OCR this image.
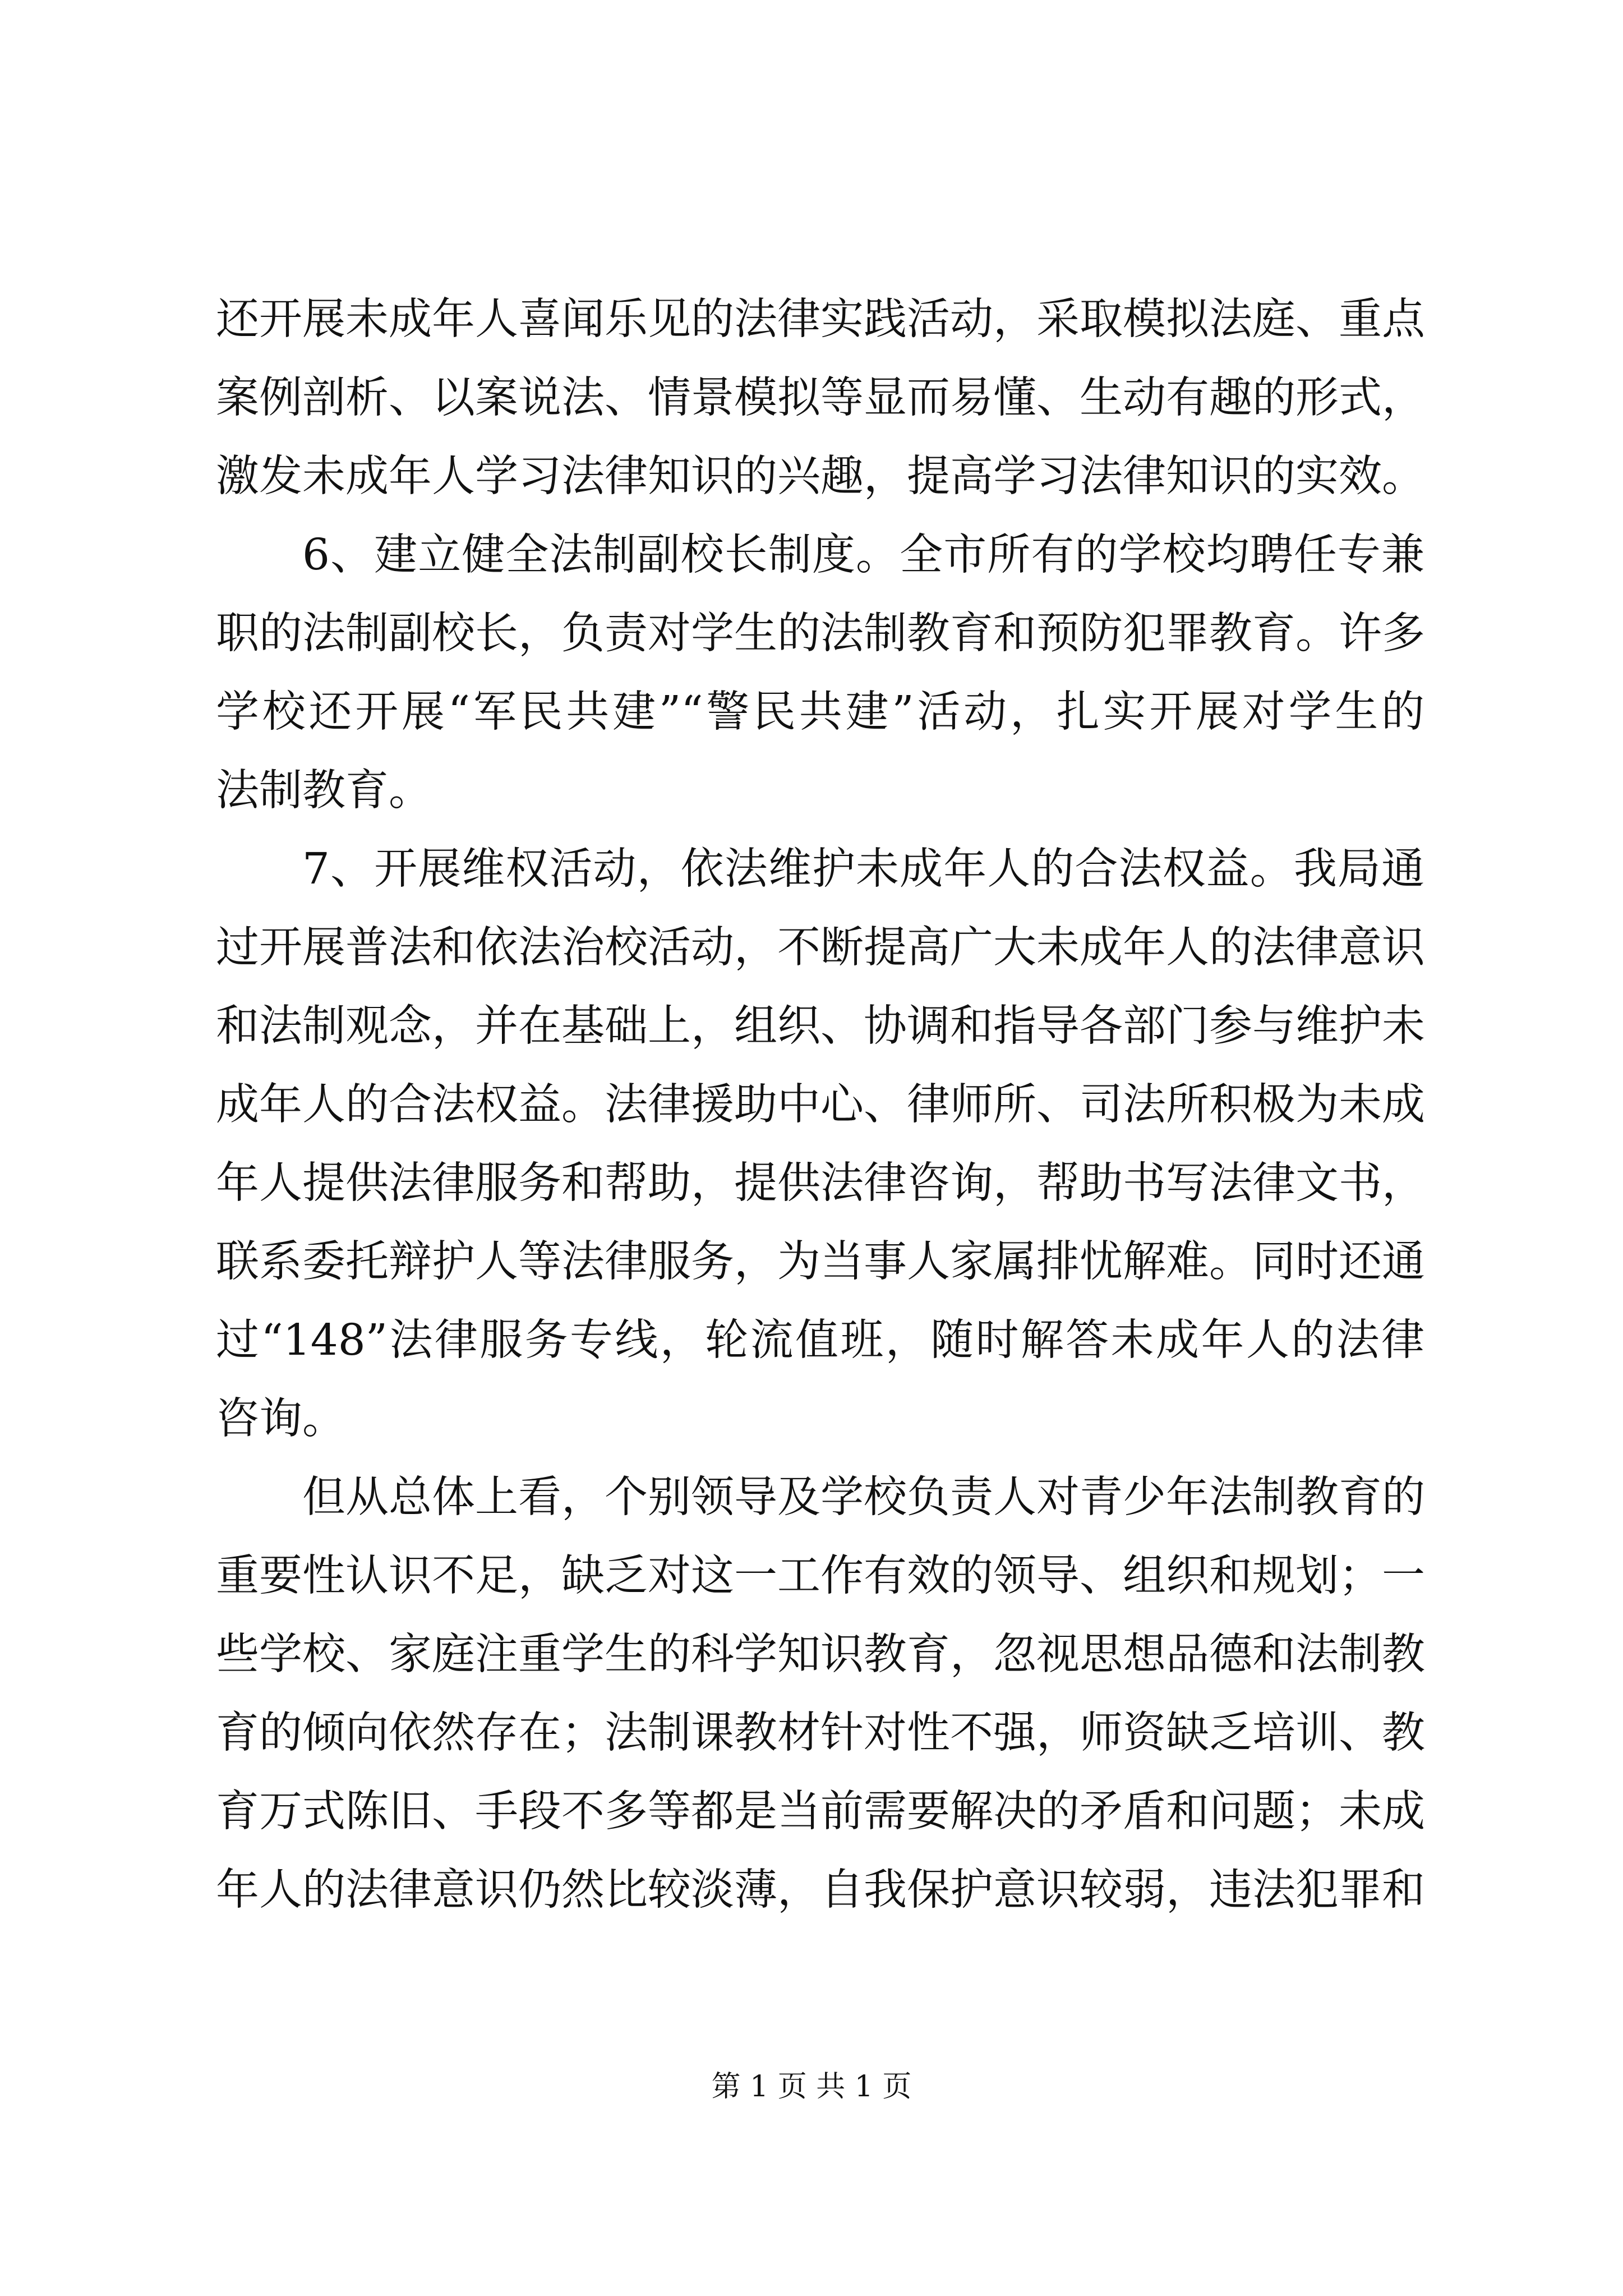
还开展未成年人喜闻乐见的法律实践活动，采取模拟法庭、重点
案例剖析、以案说法、情景模拟等显而易懂、生动有趣的形式，
激发未成年人学习法律知识的兴趣，提高学习法律知识的实效。
6、建立健全法制副校长制度。全市所有的学校均聘任专兼
职的法制副校长，负责对学生的法制教育和预防犯罪教育。许多
学校还开展“军民共建”“警民共建”活动，扎实开展对学生的
法制教育。
7、开展维权活动，依法维护未成年人的合法权益。我局通
过开展普法和依法治校活动，不断提高广大未成年人的法律意识
和法制观念，并在基础上，组织、协调和指导各部门参与维护未
成年人的合法权益。法律援助中心、律师所、司法所积极为未成
年人提供法律服务和帮助，提供法律咨询，帮助书写法律文书，
联系委托辩护人等法律服务，为当事人家属排忧解难。同时还通
过“148”法律服务专线，轮流值班，随时解答未成年人的法律
咨询。
但从总体上看，个别领导及学校负责人对青少年法制教育的
重要性认识不足，缺乏对这一工作有效的领导、组织和规划；一
些学校、家庭注重学生的科学知识教育，忽视思想品德和法制教
育的倾向依然存在；法制课教材针对性不强，师资缺乏培训、教
育万式陈旧、手段不多等都是当前需要解决的矛盾和问题；未成
年人的法律意识仍然比较淡薄，自我保护意识较弱，违法犯罪和
第 1 页 共 1 页
